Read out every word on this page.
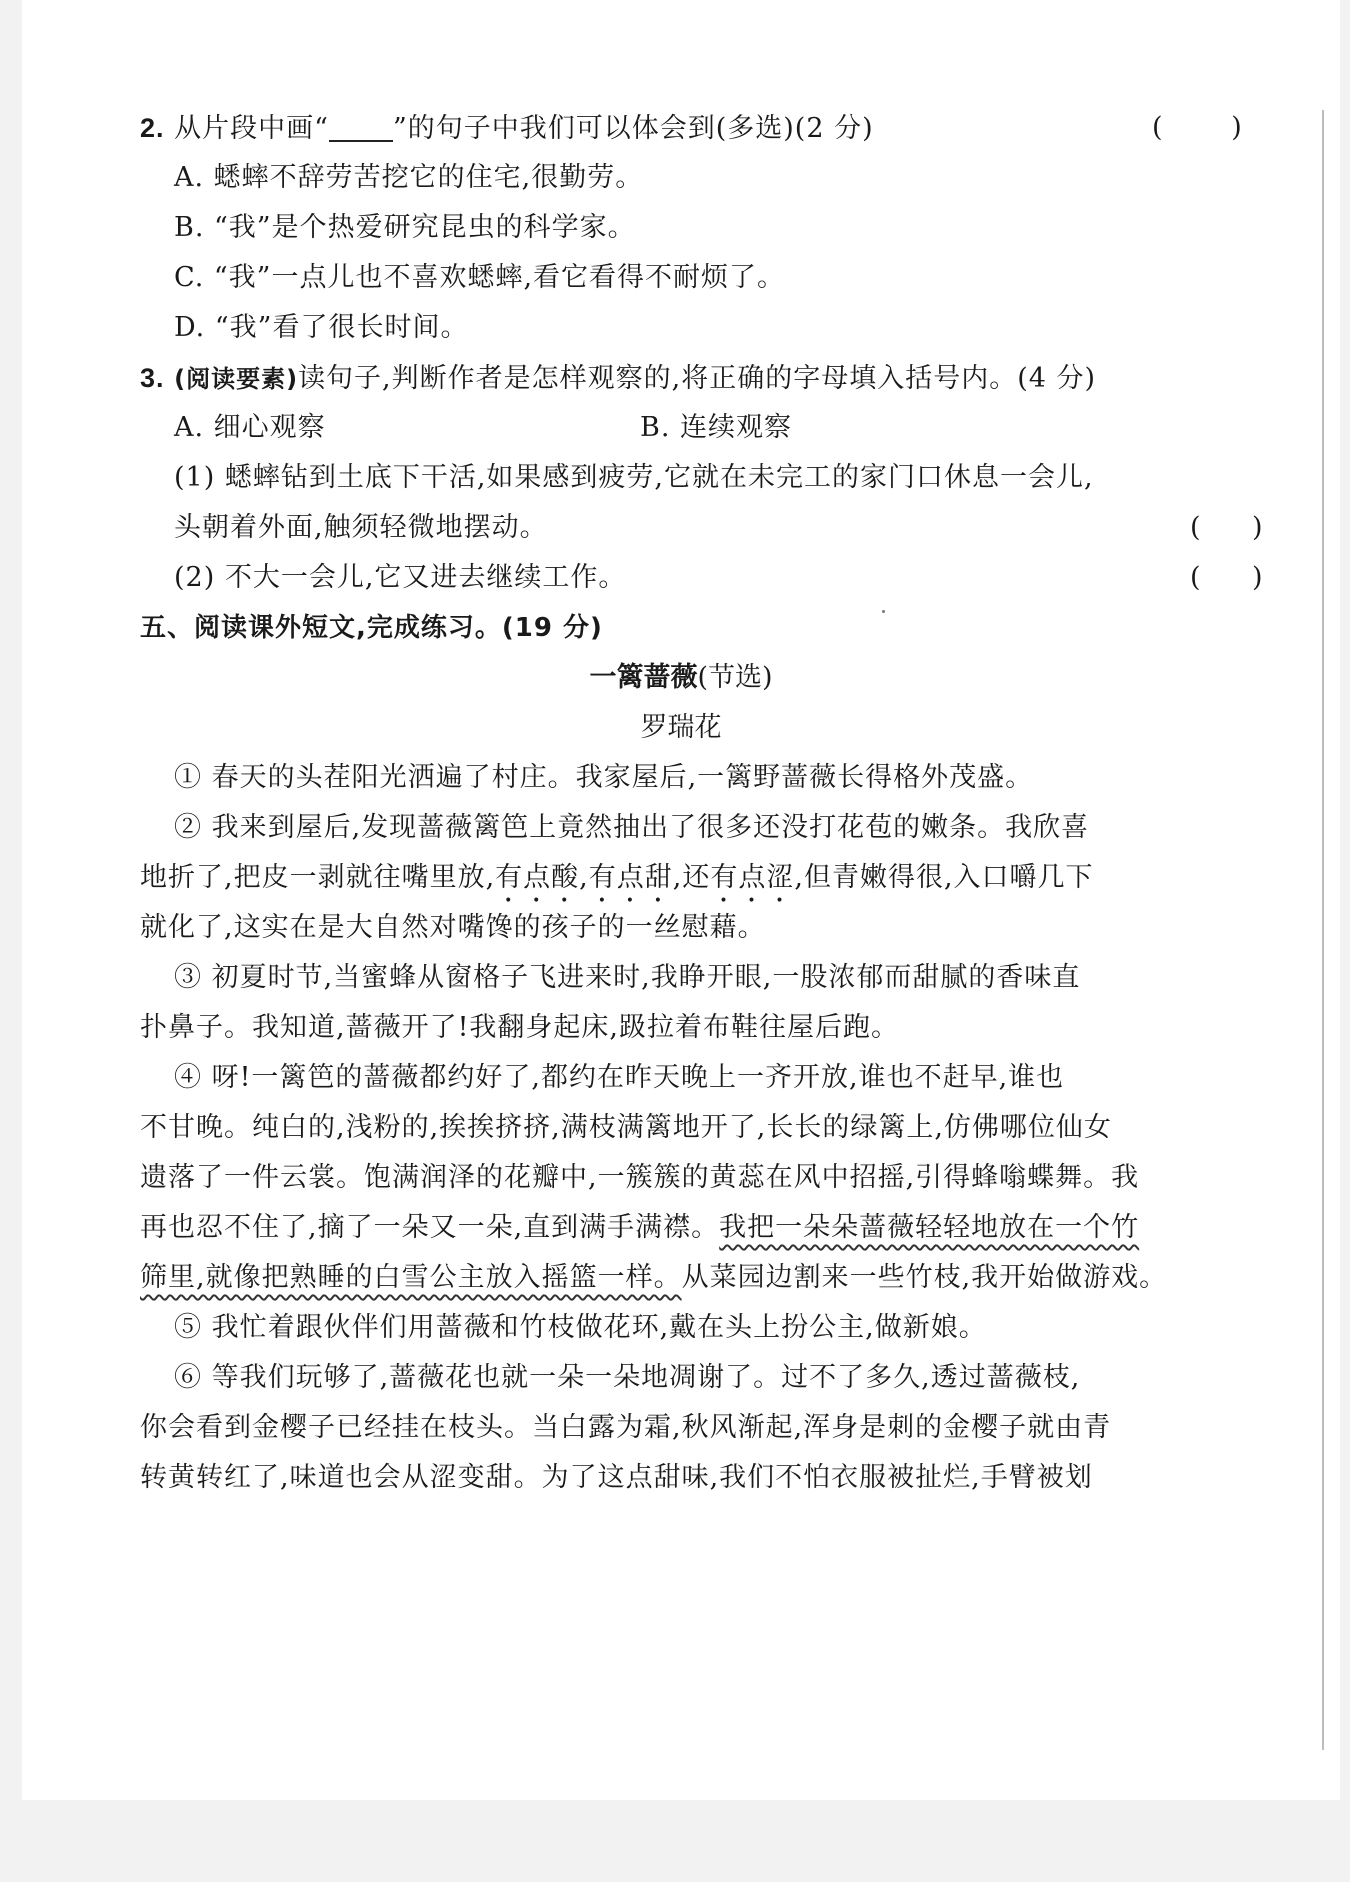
2. 从片段中画“ ”的句子中我们可以体会到(多选)(2 分)	(        )
A. 蟋蟀不辞劳苦挖它的住宅,很勤劳。
B. “我”是个热爱研究昆虫的科学家。
C. “我”一点儿也不喜欢蟋蟀,看它看得不耐烦了。
D. “我”看了很长时间。
3. (阅读要素)读句子,判断作者是怎样观察的,将正确的字母填入括号内。(4 分)
A. 细心观察	B. 连续观察
(1) 蟋蟀钻到土底下干活,如果感到疲劳,它就在未完工的家门口休息一会儿,
头朝着外面,触须轻微地摆动。	(      )
(2) 不大一会儿,它又进去继续工作。	(      )
五、阅读课外短文,完成练习。(19 分)
一篱蔷薇(节选)
罗瑞花
① 春天的头茬阳光洒遍了村庄。我家屋后,一篱野蔷薇长得格外茂盛。
② 我来到屋后,发现蔷薇篱笆上竟然抽出了很多还没打花苞的嫩条。我欣喜
地折了,把皮一剥就往嘴里放,有点酸,有点甜,还有点涩,但青嫩得很,入口嚼几下
就化了,这实在是大自然对嘴馋的孩子的一丝慰藉。
③ 初夏时节,当蜜蜂从窗格子飞进来时,我睁开眼,一股浓郁而甜腻的香味直
扑鼻子。我知道,蔷薇开了!我翻身起床,趿拉着布鞋往屋后跑。
④ 呀!一篱笆的蔷薇都约好了,都约在昨天晚上一齐开放,谁也不赶早,谁也
不甘晚。纯白的,浅粉的,挨挨挤挤,满枝满篱地开了,长长的绿篱上,仿佛哪位仙女
遗落了一件云裳。饱满润泽的花瓣中,一簇簇的黄蕊在风中招摇,引得蜂嗡蝶舞。我
再也忍不住了,摘了一朵又一朵,直到满手满襟。我把一朵朵蔷薇轻轻地放在一个竹
筛里,就像把熟睡的白雪公主放入摇篮一样。从菜园边割来一些竹枝,我开始做游戏。
⑤ 我忙着跟伙伴们用蔷薇和竹枝做花环,戴在头上扮公主,做新娘。
⑥ 等我们玩够了,蔷薇花也就一朵一朵地凋谢了。过不了多久,透过蔷薇枝,
你会看到金樱子已经挂在枝头。当白露为霜,秋风渐起,浑身是刺的金樱子就由青
转黄转红了,味道也会从涩变甜。为了这点甜味,我们不怕衣服被扯烂,手臂被划
